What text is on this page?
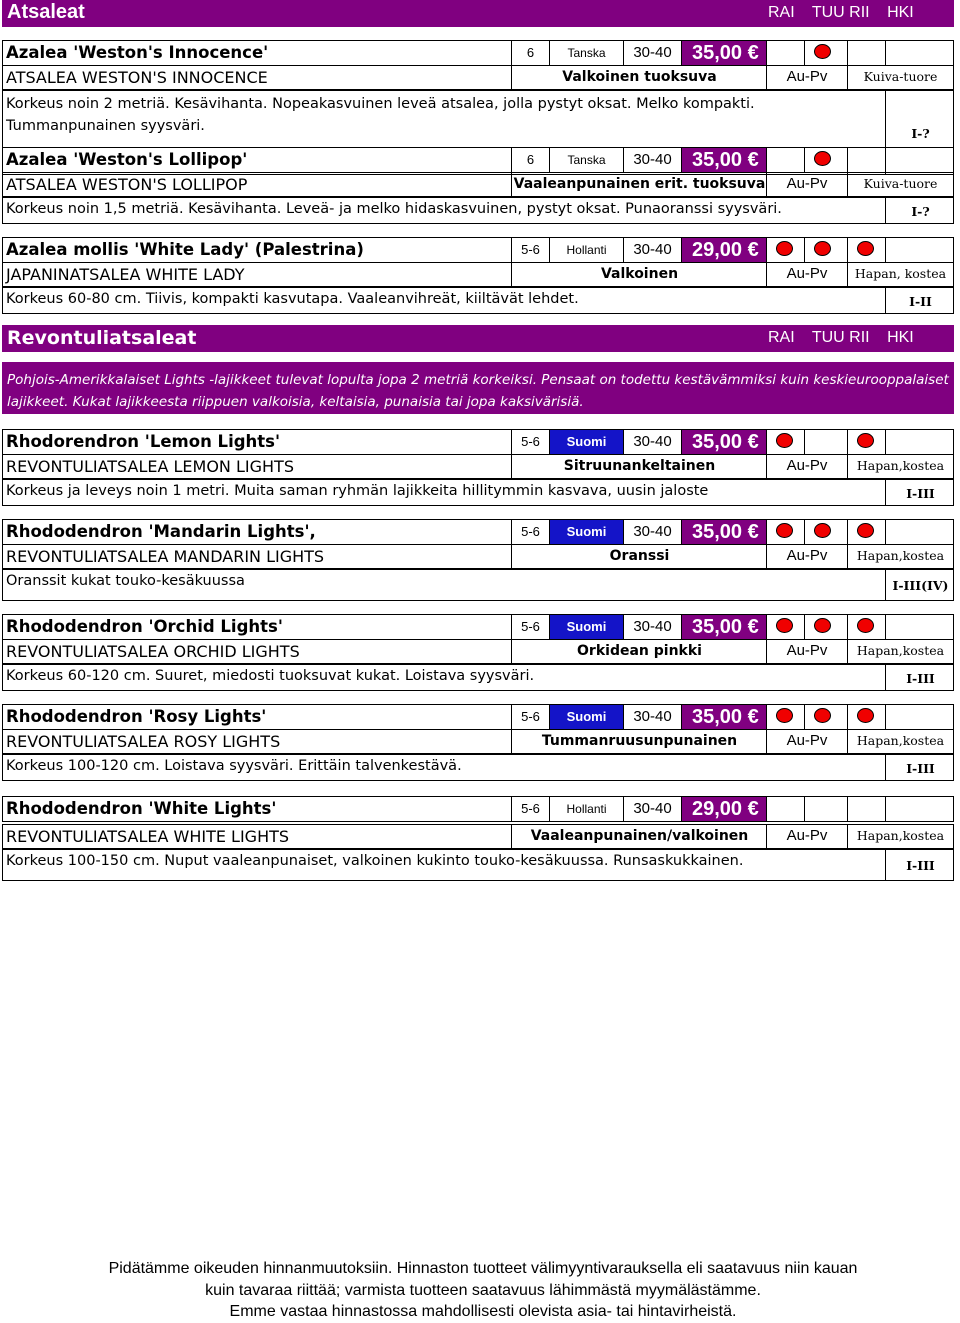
Atsaleat	RAI TUU RII HKI
Revontuliatsaleat	RAI TUU RII HKI
Pohjois-Amerikkalaiset Lights -lajikkeet tulevat lopulta jopa 2 metriä korkeiksi. Pensaat on todettu kestävämmiksi kuin keskieurooppalaiset lajikkeet. Kukat lajikkeesta riippuen valkoisia, keltaisia, punaisia tai jopa kaksivärisiä.
Azalea 'Weston's Innocence'	6	Tanska	30-40	35,00 €
ATSALEA WESTON'S INNOCENCE	Valkoinen tuoksuva	Au-Pv	Kuiva-tuore
Korkeus noin 2 metriä. Kesävihanta. Nopeakasvuinen leveä atsalea, jolla pystyt oksat. Melko kompakti. Tummanpunainen syysväri.	I-?
Azalea 'Weston's Lollipop'	6	Tanska	30-40	35,00 €
ATSALEA WESTON'S LOLLIPOP	Vaaleanpunainen erit. tuoksuva	Au-Pv	Kuiva-tuore
Korkeus noin 1,5 metriä. Kesävihanta. Leveä- ja melko hidaskasvuinen, pystyt oksat. Punaoranssi syysväri.	I-?
Azalea mollis 'White Lady' (Palestrina)	5-6	Hollanti	30-40	29,00 €
JAPANINATSALEA WHITE LADY	Valkoinen	Au-Pv	Hapan, kostea
Korkeus 60-80 cm. Tiivis, kompakti kasvutapa. Vaaleanvihreät, kiiltävät lehdet.	I-II
Rhodorendron 'Lemon Lights'	5-6	Suomi	30-40	35,00 €
REVONTULIATSALEA LEMON LIGHTS	Sitruunankeltainen	Au-Pv	Hapan,kostea
Korkeus ja leveys noin 1 metri. Muita saman ryhmän lajikkeita hillitymmin kasvava, uusin jaloste	I-III
Rhododendron 'Mandarin Lights',	5-6	Suomi	30-40	35,00 €
REVONTULIATSALEA MANDARIN LIGHTS	Oranssi	Au-Pv	Hapan,kostea
Oranssit kukat touko-kesäkuussa	I-III(IV)
Rhododendron 'Orchid Lights'	5-6	Suomi	30-40	35,00 €
REVONTULIATSALEA ORCHID LIGHTS	Orkidean pinkki	Au-Pv	Hapan,kostea
Korkeus 60-120 cm. Suuret, miedosti tuoksuvat kukat. Loistava syysväri.	I-III
Rhododendron 'Rosy Lights'	5-6	Suomi	30-40	35,00 €
REVONTULIATSALEA ROSY LIGHTS	Tummanruusunpunainen	Au-Pv	Hapan,kostea
Korkeus 100-120 cm. Loistava syysväri. Erittäin talvenkestävä.	I-III
Rhododendron 'White Lights'	5-6	Hollanti	30-40	29,00 €
REVONTULIATSALEA WHITE LIGHTS	Vaaleanpunainen/valkoinen	Au-Pv	Hapan,kostea
Korkeus 100-150 cm. Nuput vaaleanpunaiset, valkoinen kukinto touko-kesäkuussa. Runsaskukkainen.	I-III
Pidätämme oikeuden hinnanmuutoksiin. Hinnaston tuotteet välimyyntivarauksella eli saatavuus niin kauan
kuin tavaraa riittää; varmista tuotteen saatavuus lähimmästä myymälästämme.
Emme vastaa hinnastossa mahdollisesti olevista asia- tai hintavirheistä.
